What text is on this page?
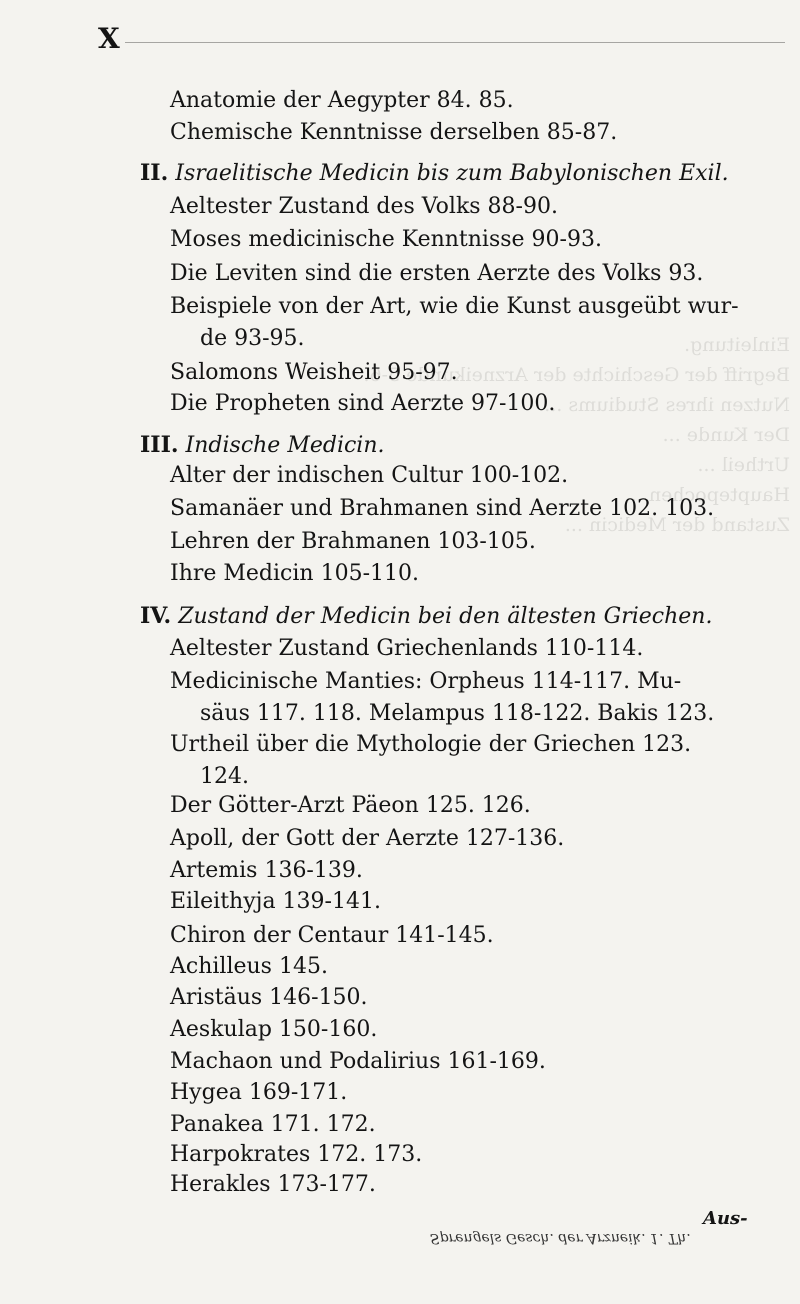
Einleitung.
Begriff der Geschichte der Arzneikunde 5-6.
Nutzen ihres Studiums ...
Der Kunde ...
Urtheil ...
Hauptepochen ...
Zustand der Medicin ...
X
Anatomie der Aegypter 84. 85.
Chemische Kenntnisse derselben 85-87.
II. Israelitische Medicin bis zum Babylonischen Exil.
Aeltester Zustand des Volks 88-90.
Moses medicinische Kenntnisse 90-93.
Die Leviten sind die ersten Aerzte des Volks 93.
Beispiele von der Art, wie die Kunst ausgeübt wur-
de 93-95.
Salomons Weisheit 95-97.
Die Propheten sind Aerzte 97-100.
III. Indische Medicin.
Alter der indischen Cultur 100-102.
Samanäer und Brahmanen sind Aerzte 102. 103.
Lehren der Brahmanen 103-105.
Ihre Medicin 105-110.
IV. Zustand der Medicin bei den ältesten Griechen.
Aeltester Zustand Griechenlands 110-114.
Medicinische Manties: Orpheus 114-117. Mu-
säus 117. 118. Melampus 118-122. Bakis 123.
Urtheil über die Mythologie der Griechen 123.
124.
Der Götter-Arzt Päeon 125. 126.
Apoll, der Gott der Aerzte 127-136.
Artemis 136-139.
Eileithyja 139-141.
Chiron der Centaur 141-145.
Achilleus 145.
Aristäus 146-150.
Aeskulap 150-160.
Machaon und Podalirius 161-169.
Hygea 169-171.
Panakea 171. 172.
Harpokrates 172. 173.
Herakles 173-177.
Aus-
Sprengels Gesch. der Arzneik. 1. Th.
